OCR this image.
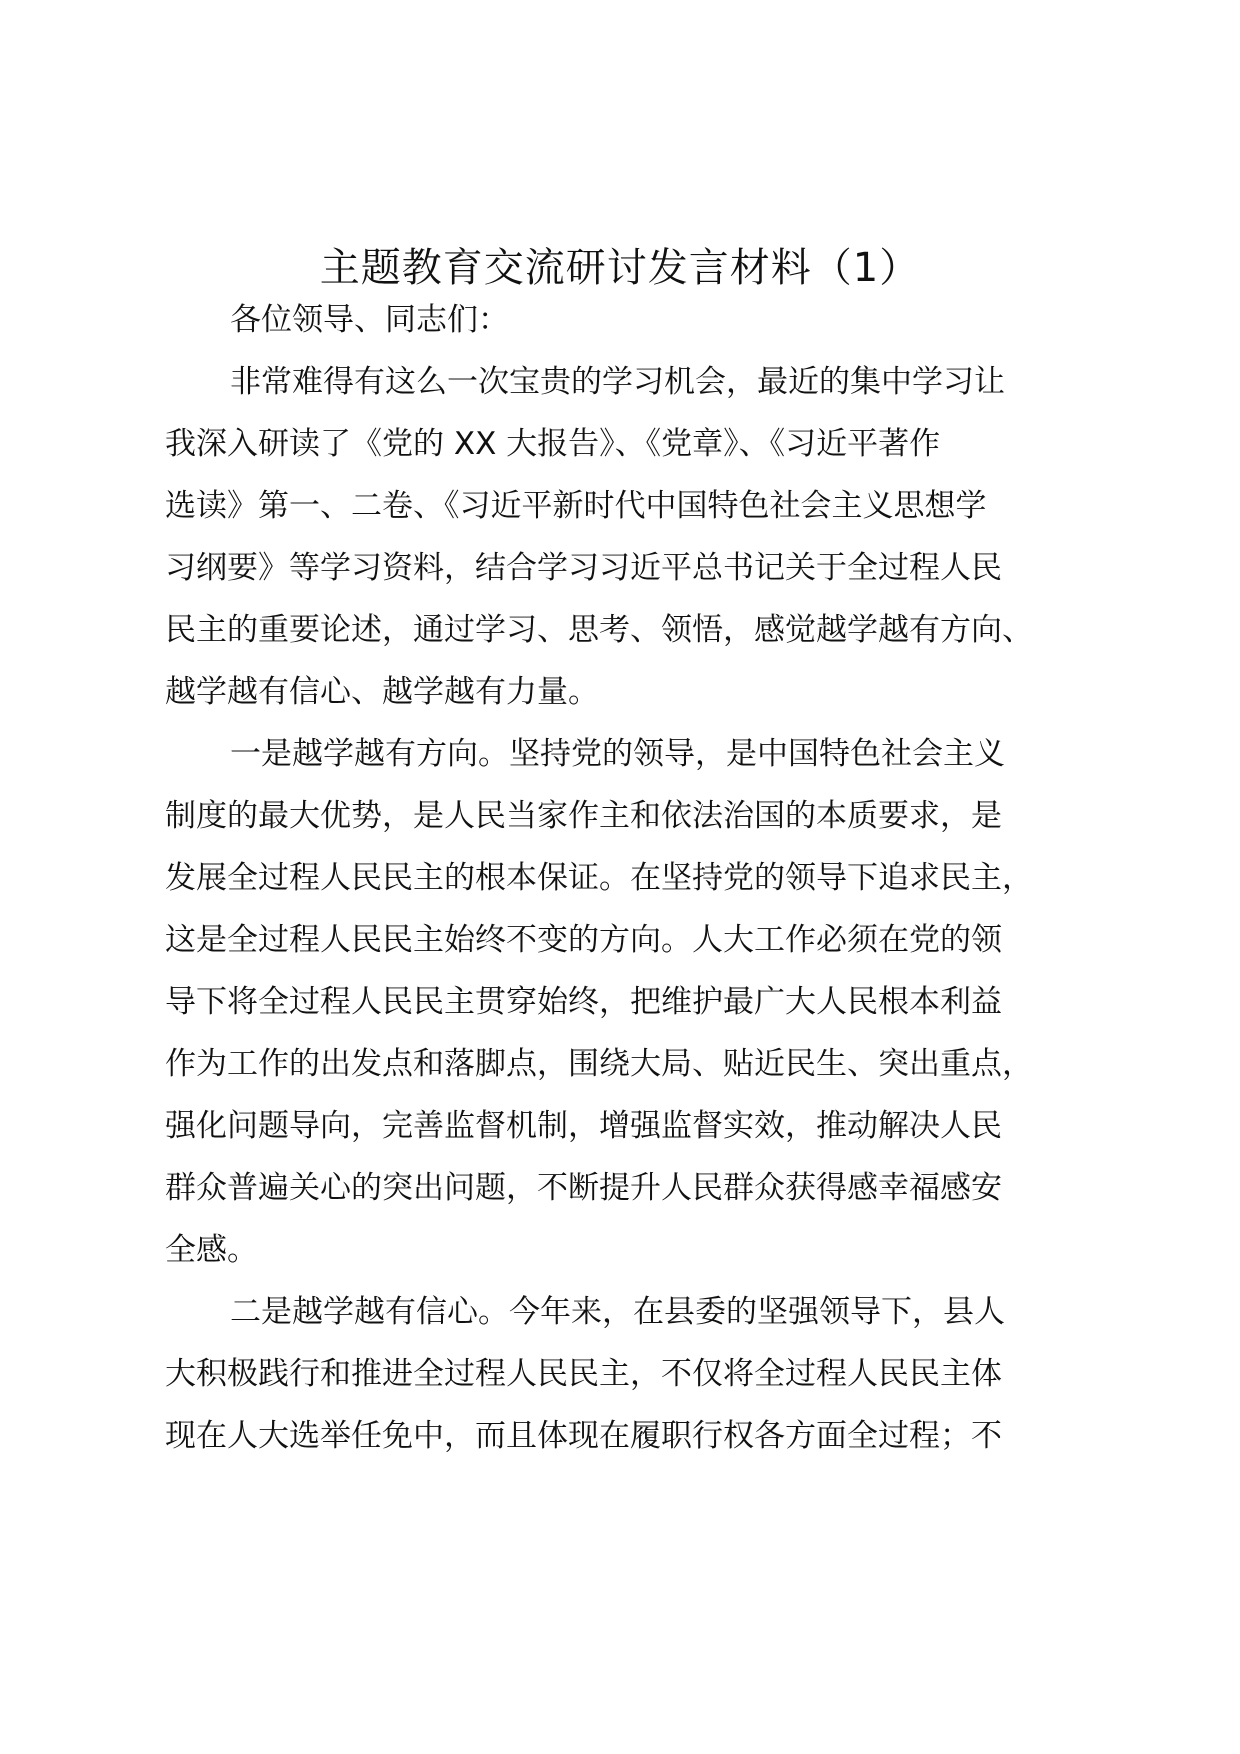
主题教育交流研讨发言材料（1）
各位领导、同志们：
非常难得有这么一次宝贵的学习机会，最近的集中学习让
我深入研读了《党的 XX 大报告》、《党章》、《习近平著作
选读》第一、二卷、《习近平新时代中国特色社会主义思想学
习纲要》等学习资料，结合学习习近平总书记关于全过程人民
民主的重要论述，通过学习、思考、领悟，感觉越学越有方向、
越学越有信心、越学越有力量。
一是越学越有方向。坚持党的领导，是中国特色社会主义
制度的最大优势，是人民当家作主和依法治国的本质要求，是
发展全过程人民民主的根本保证。在坚持党的领导下追求民主，
这是全过程人民民主始终不变的方向。人大工作必须在党的领
导下将全过程人民民主贯穿始终，把维护最广大人民根本利益
作为工作的出发点和落脚点，围绕大局、贴近民生、突出重点，
强化问题导向，完善监督机制，增强监督实效，推动解决人民
群众普遍关心的突出问题，不断提升人民群众获得感幸福感安
全感。
二是越学越有信心。今年来，在县委的坚强领导下，县人
大积极践行和推进全过程人民民主，不仅将全过程人民民主体
现在人大选举任免中，而且体现在履职行权各方面全过程；不
